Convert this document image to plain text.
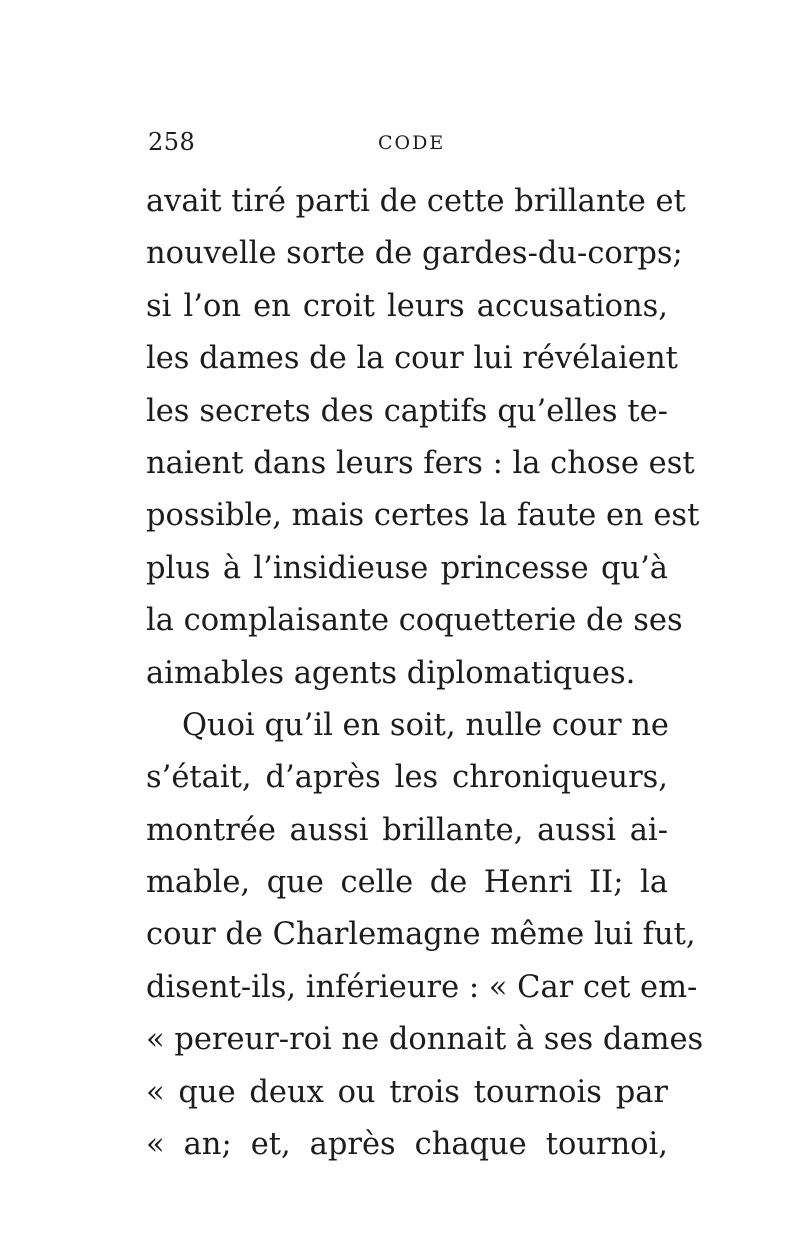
258	CODE
avait tiré parti de cette brillante et
nouvelle sorte de gardes-du-corps;
si l’on en croit leurs accusations,
les dames de la cour lui révélaient
les secrets des captifs qu’elles te-
naient dans leurs fers : la chose est
possible, mais certes la faute en est
plus à l’insidieuse princesse qu’à
la complaisante coquetterie de ses
aimables agents diplomatiques.
Quoi qu’il en soit, nulle cour ne
s’était, d’après les chroniqueurs,
montrée aussi brillante, aussi ai-
mable, que celle de Henri II; la
cour de Charlemagne même lui fut,
disent-ils, inférieure : « Car cet em-
« pereur-roi ne donnait à ses dames
« que deux ou trois tournois par
« an; et, après chaque tournoi,
